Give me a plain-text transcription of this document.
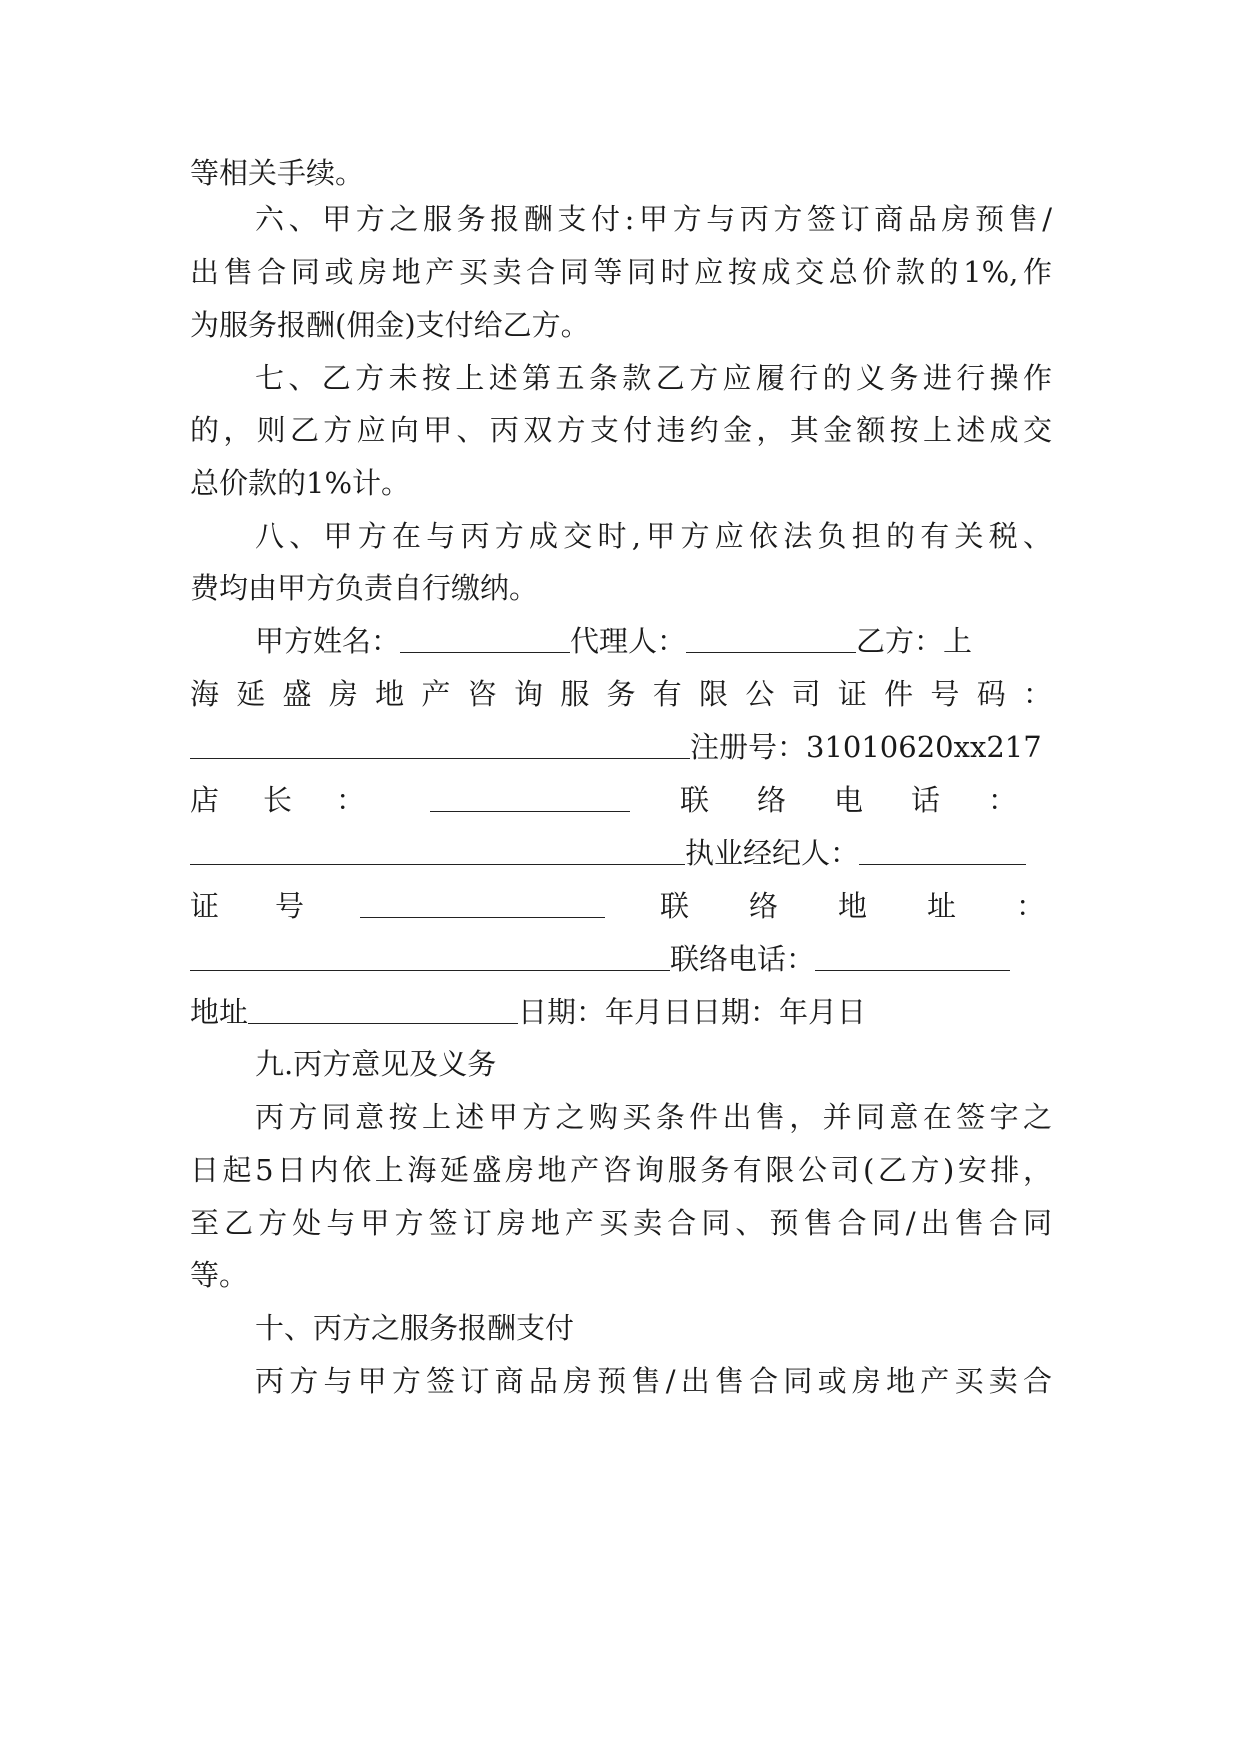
等相关手续。
六、甲方之服务报酬支付:甲方与丙方签订商品房预售/
出售合同或房地产买卖合同等同时应按成交总价款的1%,作
为服务报酬(佣金)支付给乙方。
七、乙方未按上述第五条款乙方应履行的义务进行操作
的，则乙方应向甲、丙双方支付违约金，其金额按上述成交
总价款的1%计。
八、甲方在与丙方成交时,甲方应依法负担的有关税、
费均由甲方负责自行缴纳。
甲方姓名：	代理人：	乙方：上
海延盛房地产咨询服务有限公司证件号码：
注册号：31010620xx217
店长：	联络电话：
执业经纪人：
证号	联络地址：
联络电话：
地址	日期：年月日日期：年月日
九.丙方意见及义务
丙方同意按上述甲方之购买条件出售，并同意在签字之
日起5日内依上海延盛房地产咨询服务有限公司(乙方)安排，
至乙方处与甲方签订房地产买卖合同、预售合同/出售合同
等。
十、丙方之服务报酬支付
丙方与甲方签订商品房预售/出售合同或房地产买卖合
